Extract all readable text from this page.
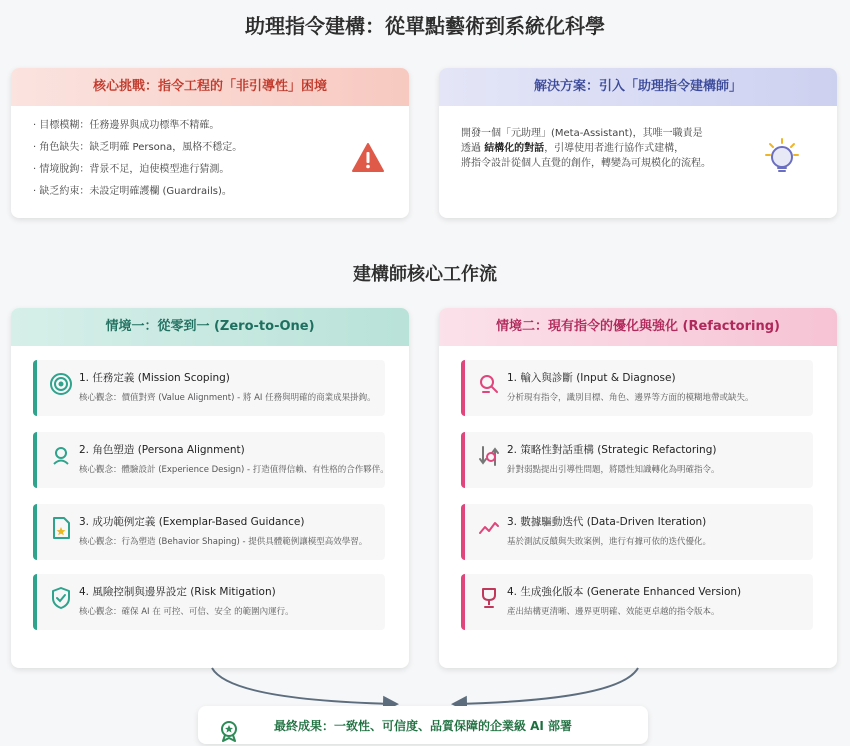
助理指令建構：從單點藝術到系統化科學
核心挑戰：指令工程的「非引導性」困境
· 目標模糊：任務邊界與成功標準不精確。
· 角色缺失：缺乏明確 Persona，風格不穩定。
· 情境脫鉤：背景不足，迫使模型進行猜測。
· 缺乏約束：未設定明確護欄 (Guardrails)。
解決方案：引入「助理指令建構師」
開發一個「元助理」(Meta-Assistant)，其唯一職責是
透過 結構化的對話，引導使用者進行協作式建構，
將指令設計從個人直覺的創作，轉變為可規模化的流程。
建構師核心工作流
情境一：從零到一 (Zero-to-One)
1. 任務定義 (Mission Scoping)
核心觀念：價值對齊 (Value Alignment) - 將 AI 任務與明確的商業成果掛鉤。
2. 角色塑造 (Persona Alignment)
核心觀念：體驗設計 (Experience Design) - 打造值得信賴、有性格的合作夥伴。
3. 成功範例定義 (Exemplar-Based Guidance)
核心觀念：行為塑造 (Behavior Shaping) - 提供具體範例讓模型高效學習。
4. 風險控制與邊界設定 (Risk Mitigation)
核心觀念：確保 AI 在 可控、可信、安全 的範圍內運行。
情境二：現有指令的優化與強化 (Refactoring)
1. 輸入與診斷 (Input & Diagnose)
分析現有指令，識別目標、角色、邊界等方面的模糊地帶或缺失。
2. 策略性對話重構 (Strategic Refactoring)
針對弱點提出引導性問題，將隱性知識轉化為明確指令。
3. 數據驅動迭代 (Data-Driven Iteration)
基於測試反饋與失敗案例，進行有據可依的迭代優化。
4. 生成強化版本 (Generate Enhanced Version)
產出結構更清晰、邊界更明確、效能更卓越的指令版本。
最終成果：一致性、可信度、品質保障的企業級 AI 部署
